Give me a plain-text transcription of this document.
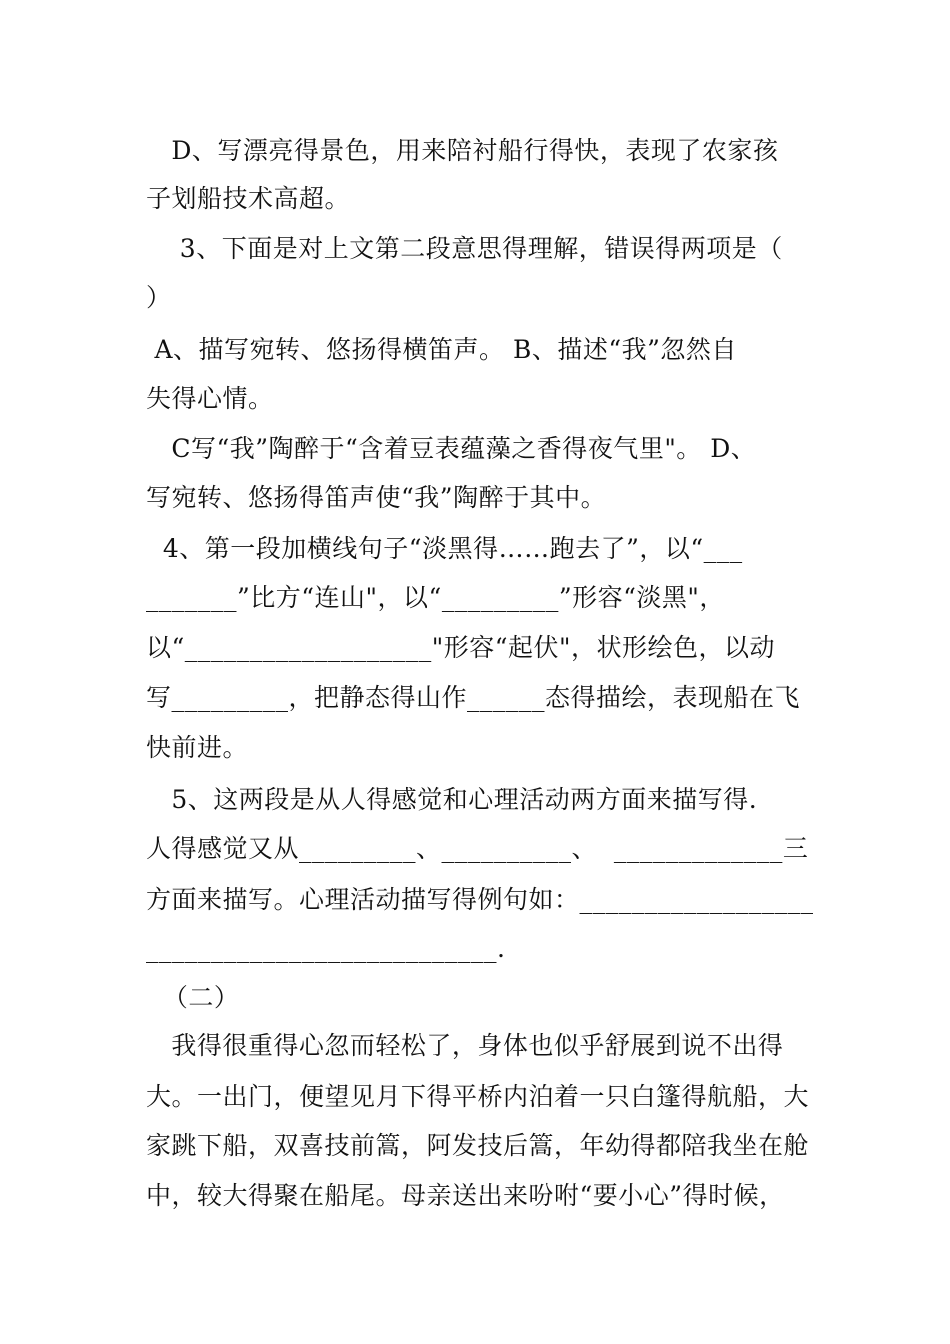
D、写漂亮得景色，用来陪衬船行得快，表现了农家孩
子划船技术高超。
3、下面是对上文第二段意思得理解，错误得两项是（
）
A、描写宛转、悠扬得横笛声。 B、描述“我”忽然自
失得心情。
C写“我”陶醉于“含着豆表蕴藻之香得夜气里"。 D、
写宛转、悠扬得笛声使“我”陶醉于其中。
4、第一段加横线句子“淡黑得……跑去了”，以“___
_______”比方“连山"，以“_________”形容“淡黑"，
以“___________________"形容“起伏"，状形绘色，以动
写_________，把静态得山作______态得描绘，表现船在飞
快前进。
5、这两段是从人得感觉和心理活动两方面来描写得.
人得感觉又从_________、__________、  _____________三
方面来描写。心理活动描写得例句如：__________________
___________________________.
（二）
我得很重得心忽而轻松了，身体也似乎舒展到说不出得
大。一出门，便望见月下得平桥内泊着一只白篷得航船，大
家跳下船，双喜技前篙，阿发技后篙，年幼得都陪我坐在舱
中，较大得聚在船尾。母亲送出来吩咐“要小心”得时候，
